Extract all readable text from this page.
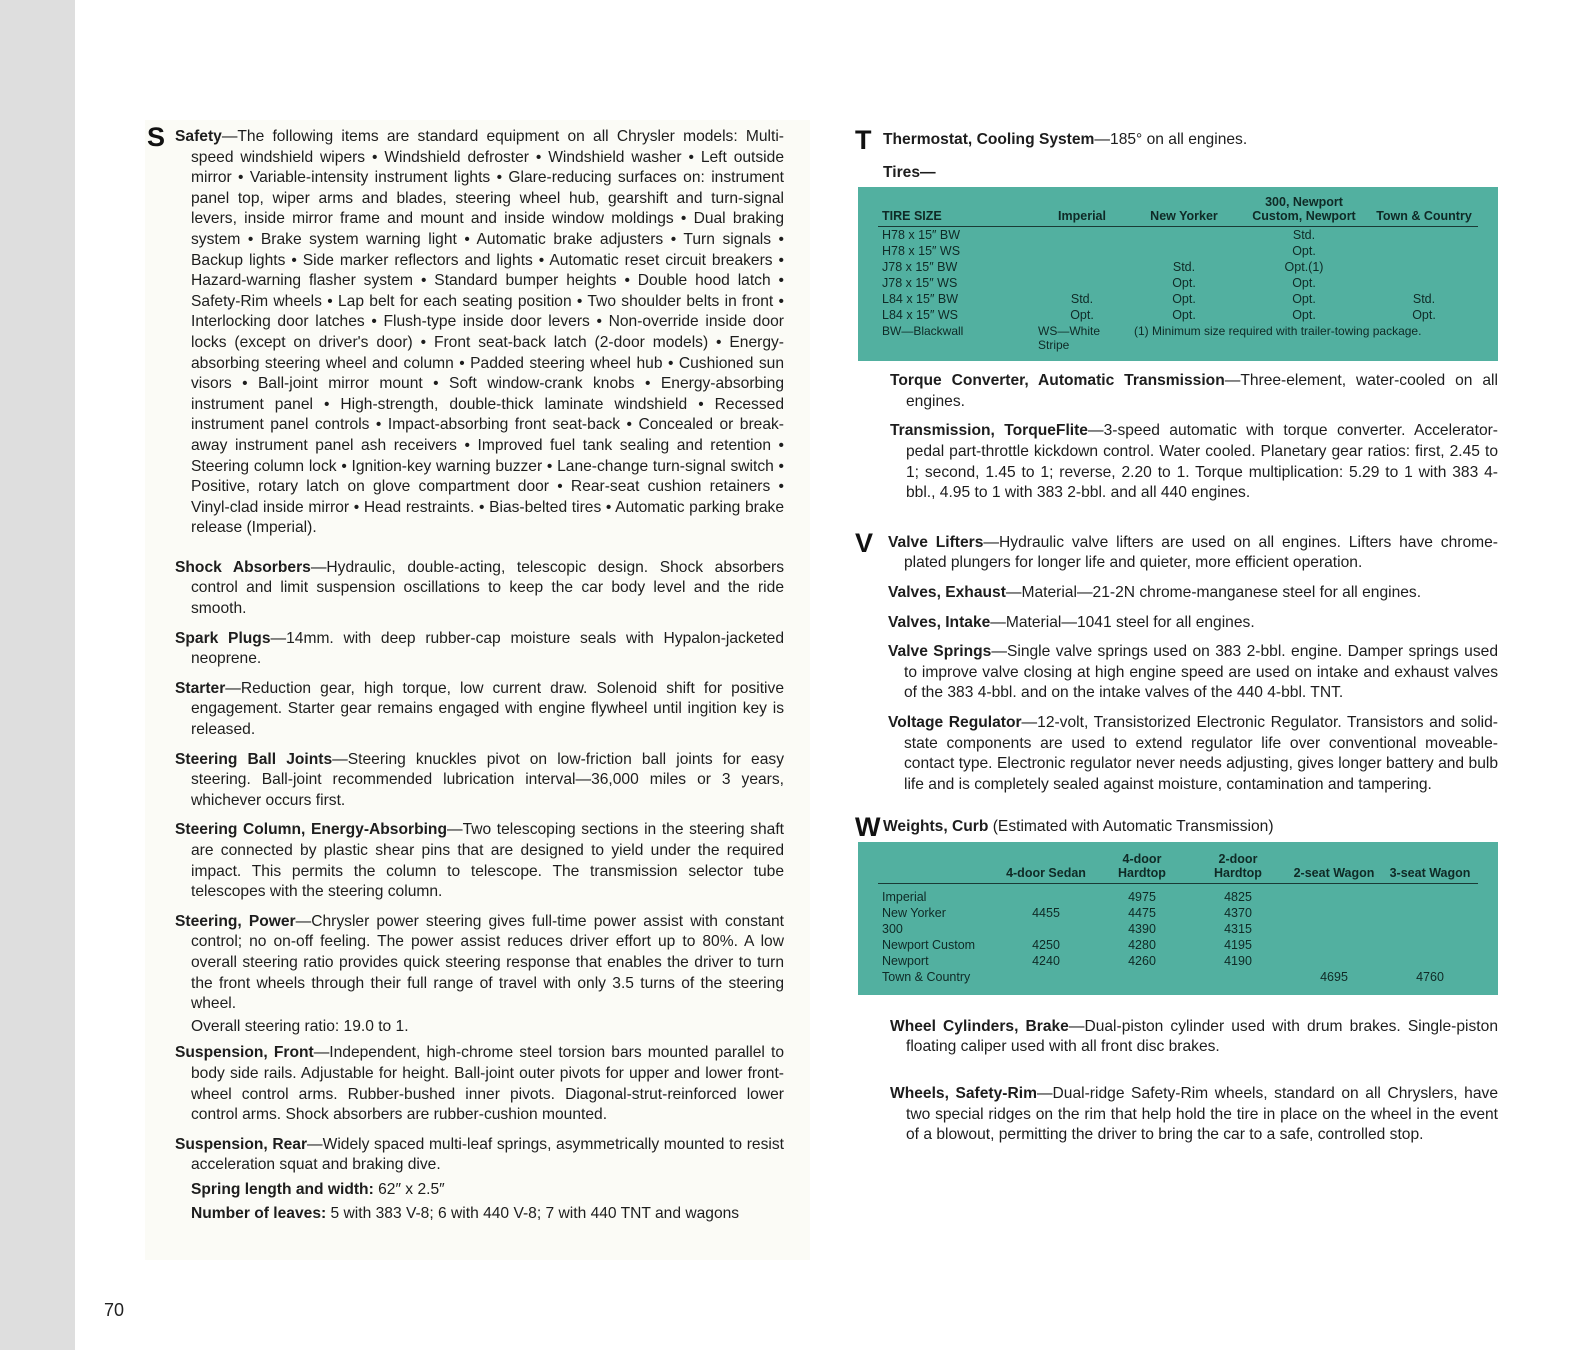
S Safety—The following items are standard equipment on all Chrysler models: Multi-speed windshield wipers • Windshield defroster • Windshield washer • Left outside mirror • Variable-intensity instrument lights • Glare-reducing surfaces on: instrument panel top, wiper arms and blades, steering wheel hub, gearshift and turn-signal levers, inside mirror frame and mount and inside window moldings • Dual braking system • Brake system warning light • Automatic brake adjusters • Turn signals • Backup lights • Side marker reflectors and lights • Automatic reset circuit breakers • Hazard-warning flasher system • Standard bumper heights • Double hood latch • Safety-Rim wheels • Lap belt for each seating position • Two shoulder belts in front • Interlocking door latches • Flush-type inside door levers • Non-override inside door locks (except on driver's door) • Front seat-back latch (2-door models) • Energy-absorbing steering wheel and column • Padded steering wheel hub • Cushioned sun visors • Ball-joint mirror mount • Soft window-crank knobs • Energy-absorbing instrument panel • High-strength, double-thick laminate windshield • Recessed instrument panel controls • Impact-absorbing front seat-back • Concealed or break-away instrument panel ash receivers • Improved fuel tank sealing and retention • Steering column lock • Ignition-key warning buzzer • Lane-change turn-signal switch • Positive, rotary latch on glove compartment door • Rear-seat cushion retainers • Vinyl-clad inside mirror • Head restraints. • Bias-belted tires • Automatic parking brake release (Imperial).

Shock Absorbers—Hydraulic, double-acting, telescopic design. Shock absorbers control and limit suspension oscillations to keep the car body level and the ride smooth.

Spark Plugs—14mm. with deep rubber-cap moisture seals with Hypalon-jacketed neoprene.

Starter—Reduction gear, high torque, low current draw. Solenoid shift for positive engagement. Starter gear remains engaged with engine flywheel until ingition key is released.

Steering Ball Joints—Steering knuckles pivot on low-friction ball joints for easy steering. Ball-joint recommended lubrication interval—36,000 miles or 3 years, whichever occurs first.

Steering Column, Energy-Absorbing—Two telescoping sections in the steering shaft are connected by plastic shear pins that are designed to yield under the required impact. This permits the column to telescope. The transmission selector tube telescopes with the steering column.

Steering, Power—Chrysler power steering gives full-time power assist with constant control; no on-off feeling. The power assist reduces driver effort up to 80%. A low overall steering ratio provides quick steering response that enables the driver to turn the front wheels through their full range of travel with only 3.5 turns of the steering wheel.

Overall steering ratio: 19.0 to 1.

Suspension, Front—Independent, high-chrome steel torsion bars mounted parallel to body side rails. Adjustable for height. Ball-joint outer pivots for upper and lower front-wheel control arms. Rubber-bushed inner pivots. Diagonal-strut-reinforced lower control arms. Shock absorbers are rubber-cushion mounted.

Suspension, Rear—Widely spaced multi-leaf springs, asymmetrically mounted to resist acceleration squat and braking dive.

Spring length and width: 62″ x 2.5″

Number of leaves: 5 with 383 V-8; 6 with 440 V-8; 7 with 440 TNT and wagons

T Thermostat, Cooling System—185° on all engines.

Tires—

TIRE SIZE	Imperial	New Yorker	300, Newport Custom, Newport	Town & Country
H78 x 15″ BW			Std.	
H78 x 15″ WS			Opt.	
J78 x 15″ BW		Std.	Opt.(1)	
J78 x 15″ WS		Opt.	Opt.	
L84 x 15″ BW	Std.	Opt.	Opt.	Std.
L84 x 15″ WS	Opt.	Opt.	Opt.	Opt.
BW—Blackwall	WS—White Stripe	(1) Minimum size required with trailer-towing package.		

Torque Converter, Automatic Transmission—Three-element, water-cooled on all engines.

Transmission, TorqueFlite—3-speed automatic with torque converter. Accelerator-pedal part-throttle kickdown control. Water cooled. Planetary gear ratios: first, 2.45 to 1; second, 1.45 to 1; reverse, 2.20 to 1. Torque multiplication: 5.29 to 1 with 383 4-bbl., 4.95 to 1 with 383 2-bbl. and all 440 engines.

V Valve Lifters—Hydraulic valve lifters are used on all engines. Lifters have chrome-plated plungers for longer life and quieter, more efficient operation.

Valves, Exhaust—Material—21-2N chrome-manganese steel for all engines.

Valves, Intake—Material—1041 steel for all engines.

Valve Springs—Single valve springs used on 383 2-bbl. engine. Damper springs used to improve valve closing at high engine speed are used on intake and exhaust valves of the 383 4-bbl. and on the intake valves of the 440 4-bbl. TNT.

Voltage Regulator—12-volt, Transistorized Electronic Regulator. Transistors and solid-state components are used to extend regulator life over conventional moveable-contact type. Electronic regulator never needs adjusting, gives longer battery and bulb life and is completely sealed against moisture, contamination and tampering.

W Weights, Curb (Estimated with Automatic Transmission)

	4-door Sedan	4-door Hardtop	2-door Hardtop	2-seat Wagon	3-seat Wagon
Imperial		4975	4825		
New Yorker	4455	4475	4370		
300		4390	4315		
Newport Custom	4250	4280	4195		
Newport	4240	4260	4190		
Town & Country				4695	4760

Wheel Cylinders, Brake—Dual-piston cylinder used with drum brakes. Single-piston floating caliper used with all front disc brakes.

Wheels, Safety-Rim—Dual-ridge Safety-Rim wheels, standard on all Chryslers, have two special ridges on the rim that help hold the tire in place on the wheel in the event of a blowout, permitting the driver to bring the car to a safe, controlled stop.

70
